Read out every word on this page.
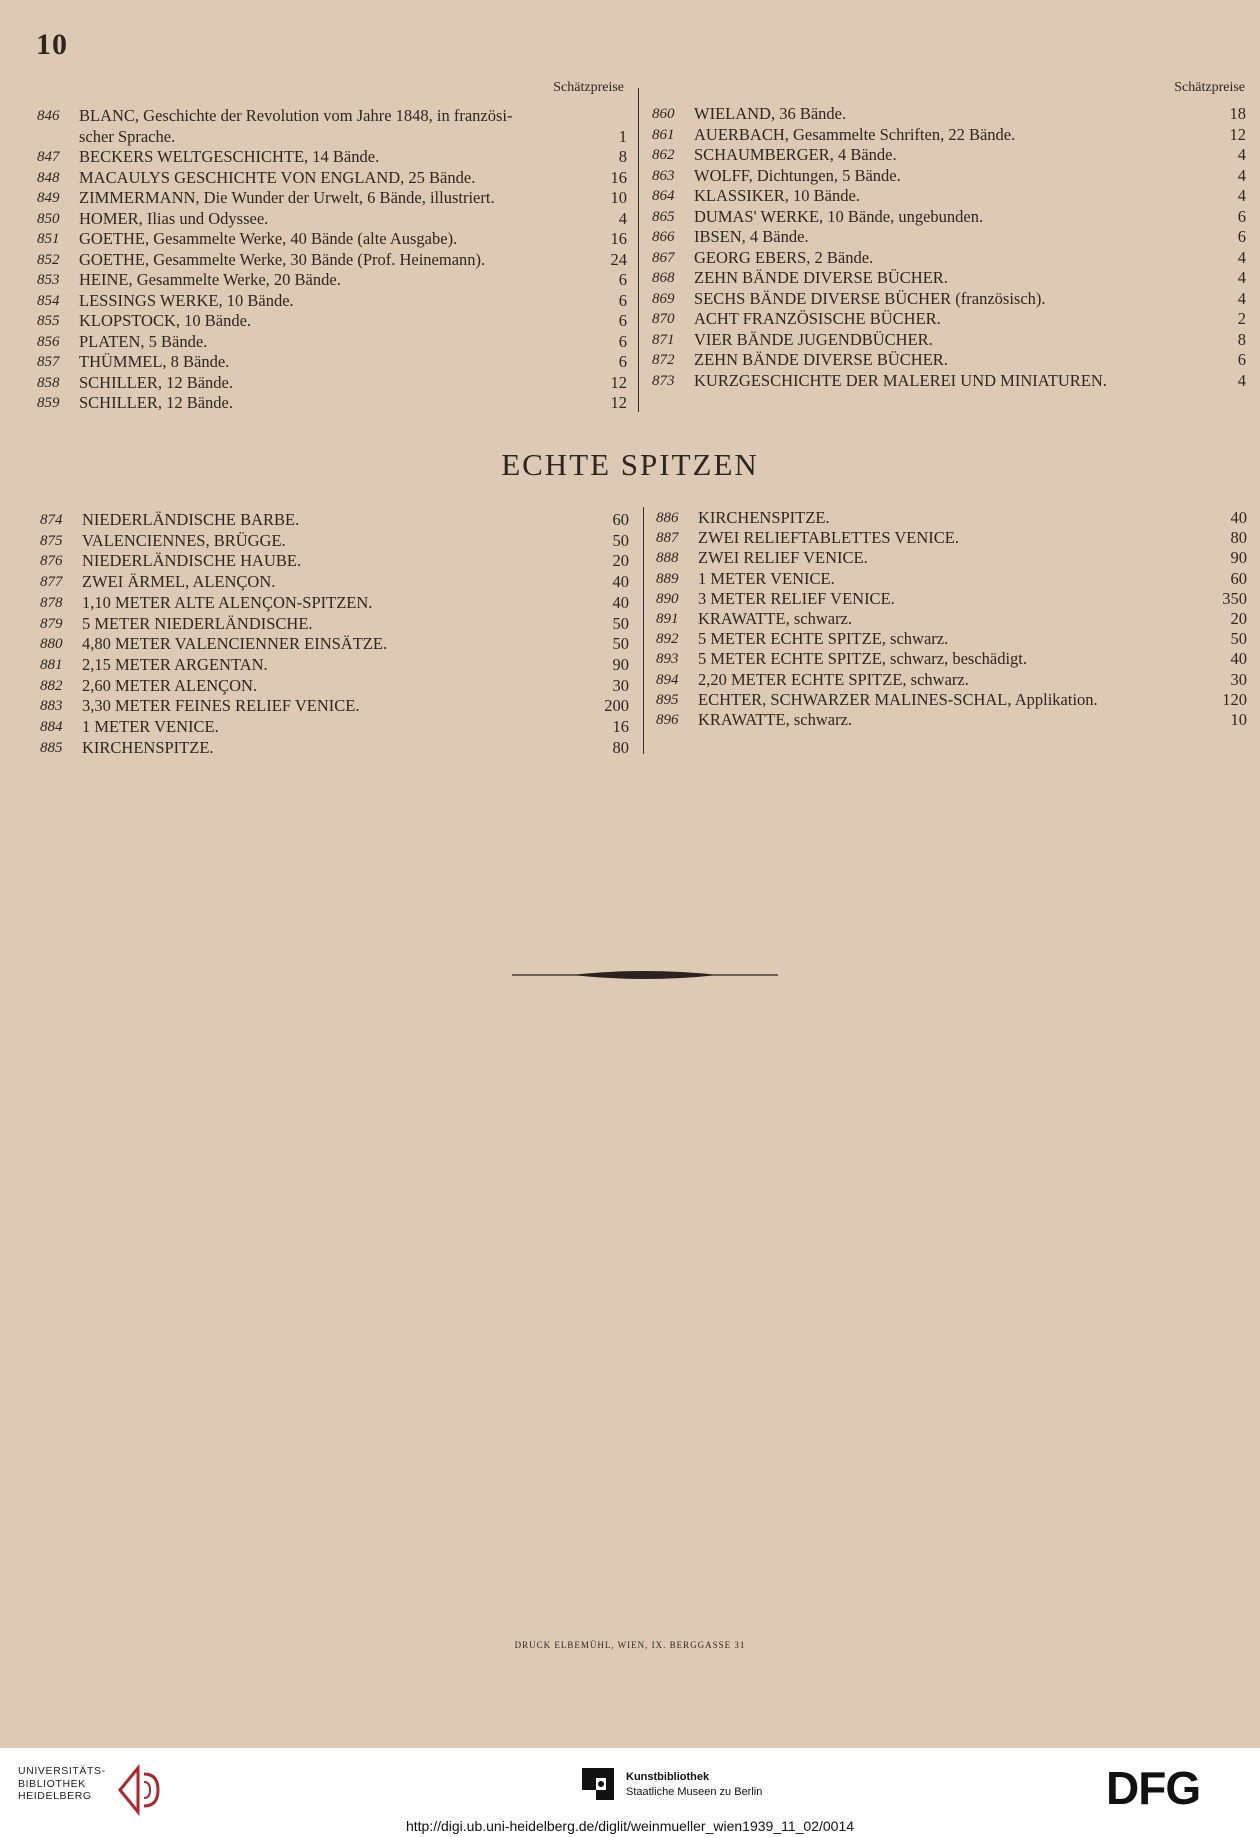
10
Schätzpreise	Schätzpreise
846	BLANC, Geschichte der Revolution vom Jahre 1848, in französi-
scher Sprache.	1
847	BECKERS WELTGESCHICHTE, 14 Bände.	8
848	MACAULYS GESCHICHTE VON ENGLAND, 25 Bände.	16
849	ZIMMERMANN, Die Wunder der Urwelt, 6 Bände, illustriert.	10
850	HOMER, Ilias und Odyssee.	4
851	GOETHE, Gesammelte Werke, 40 Bände (alte Ausgabe).	16
852	GOETHE, Gesammelte Werke, 30 Bände (Prof. Heinemann).	24
853	HEINE, Gesammelte Werke, 20 Bände.	6
854	LESSINGS WERKE, 10 Bände.	6
855	KLOPSTOCK, 10 Bände.	6
856	PLATEN, 5 Bände.	6
857	THÜMMEL, 8 Bände.	6
858	SCHILLER, 12 Bände.	12
859	SCHILLER, 12 Bände.	12
860	WIELAND, 36 Bände.	18
861	AUERBACH, Gesammelte Schriften, 22 Bände.	12
862	SCHAUMBERGER, 4 Bände.	4
863	WOLFF, Dichtungen, 5 Bände.	4
864	KLASSIKER, 10 Bände.	4
865	DUMAS' WERKE, 10 Bände, ungebunden.	6
866	IBSEN, 4 Bände.	6
867	GEORG EBERS, 2 Bände.	4
868	ZEHN BÄNDE DIVERSE BÜCHER.	4
869	SECHS BÄNDE DIVERSE BÜCHER (französisch).	4
870	ACHT FRANZÖSISCHE BÜCHER.	2
871	VIER BÄNDE JUGENDBÜCHER.	8
872	ZEHN BÄNDE DIVERSE BÜCHER.	6
873	KURZGESCHICHTE DER MALEREI UND MINIATUREN.	4
ECHTE SPITZEN
874	NIEDERLÄNDISCHE BARBE.	60
875	VALENCIENNES, BRÜGGE.	50
876	NIEDERLÄNDISCHE HAUBE.	20
877	ZWEI ÄRMEL, ALENÇON.	40
878	1,10 METER ALTE ALENÇON-SPITZEN.	40
879	5 METER NIEDERLÄNDISCHE.	50
880	4,80 METER VALENCIENNER EINSÄTZE.	50
881	2,15 METER ARGENTAN.	90
882	2,60 METER ALENÇON.	30
883	3,30 METER FEINES RELIEF VENICE.	200
884	1 METER VENICE.	16
885	KIRCHENSPITZE.	80
886	KIRCHENSPITZE.	40
887	ZWEI RELIEFTABLETTES VENICE.	80
888	ZWEI RELIEF VENICE.	90
889	1 METER VENICE.	60
890	3 METER RELIEF VENICE.	350
891	KRAWATTE, schwarz.	20
892	5 METER ECHTE SPITZE, schwarz.	50
893	5 METER ECHTE SPITZE, schwarz, beschädigt.	40
894	2,20 METER ECHTE SPITZE, schwarz.	30
895	ECHTER, SCHWARZER MALINES-SCHAL, Applikation.	120
896	KRAWATTE, schwarz.	10
DRUCK ELBEMÜHL, WIEN, IX. BERGGASSE 31
UNIVERSITÄTS-
BIBLIOTHEK
HEIDELBERG
Kunstbibliothek
Staatliche Museen zu Berlin	DFG
http://digi.ub.uni-heidelberg.de/diglit/weinmueller_wien1939_11_02/0014
